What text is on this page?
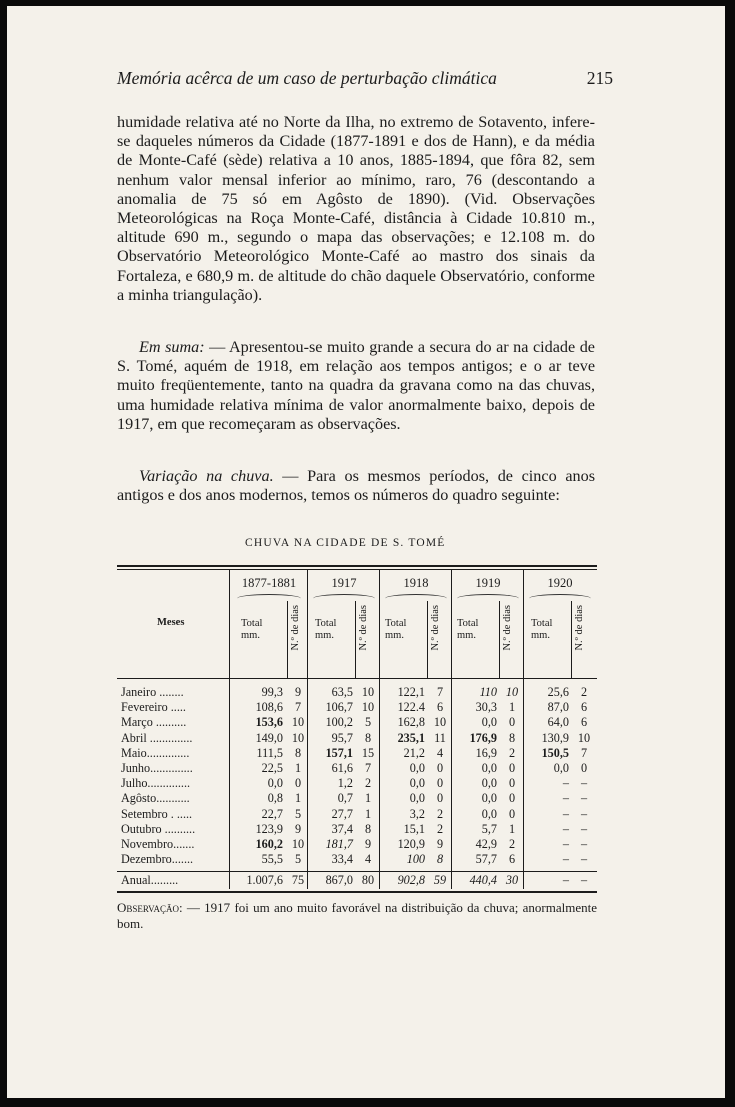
Memória acêrca de um caso de perturbação climática	215

humidade relativa até no Norte da Ilha, no extremo de Sotavento, infere-se daqueles números da Cidade (1877-1891 e dos de Hann), e da média de Monte-Café (sède) relativa a 10 anos, 1885-1894, que fôra 82, sem nenhum valor mensal inferior ao mínimo, raro, 76 (descontando a anomalia de 75 só em Agôsto de 1890). (Vid. Observações Meteorológicas na Roça Monte-Café, distância à Cidade 10.810 m., altitude 690 m., segundo o mapa das observações; e 12.108 m. do Observatório Meteorológico Monte-Café ao mastro dos sinais da Fortaleza, e 680,9 m. de altitude do chão daquele Observatório, conforme a minha triangulação).

Em suma: — Apresentou-se muito grande a secura do ar na cidade de S. Tomé, aquém de 1918, em relação aos tempos antigos; e o ar teve muito freqüentemente, tanto na quadra da gravana como na das chuvas, uma humidade relativa mínima de valor anormalmente baixo, depois de 1917, em que recomeçaram as observações.

Variação na chuva. — Para os mesmos períodos, de cinco anos antigos e dos anos modernos, temos os números do quadro seguinte:

CHUVA NA CIDADE DE S. TOMÉ
Meses
1877-1881	1917	1918	1919	1920
Total
mm.
Total
mm.
Total
mm.
Total
mm.
Total
mm.
N.º de dias	N.º de dias	N.º de dias	N.º de dias	N.º de dias
Janeiro ........	99,3 9	63,5 10	122,1 7	110 10	25,6 2
Fevereiro .....	108,6 7	106,7 10	122.4 6	30,3 1	87,0 6
Março ..........	153,6 10	100,2 5	162,8 10	0,0 0	64,0 6
Abril ..............	149,0 10	95,7 8	235,1 11	176,9 8	130,9 10
Maio..............	111,5 8	157,1 15	21,2 4	16,9 2	150,5 7
Junho..............	22,5 1	61,6 7	0,0 0	0,0 0	0,0 0
Julho..............	0,0 0	1,2 2	0,0 0	0,0 0	– –
Agôsto...........	0,8 1	0,7 1	0,0 0	0,0 0	– –
Setembro . .....	22,7 5	27,7 1	3,2 2	0,0 0	– –
Outubro ..........	123,9 9	37,4 8	15,1 2	5,7 1	– –
Novembro.......	160,2 10	181,7 9	120,9 9	42,9 2	– –
Dezembro.......	55,5 5	33,4 4	100 8	57,7 6	– –
Anual.........	1.007,6 75	867,0 80	902,8 59	440,4 30	– –

Observação: — 1917 foi um ano muito favorável na distribuição da chuva; anormalmente bom.
